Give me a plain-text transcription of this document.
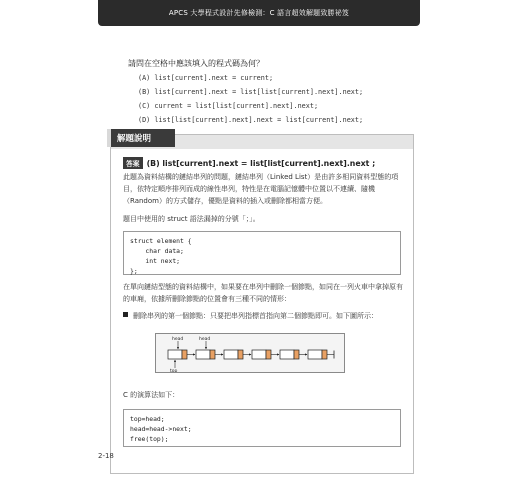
APCS 大學程式設計先修檢測：C 語言超效解題致勝祕笈
請問在空格中應該填入的程式碼為何？
(A) list[current].next = current;
(B) list[current].next = list[list[current].next].next;
(C) current = list[list[current].next].next;
(D) list[list[current].next].next = list[current].next;
解題說明
答案 (B) list[current].next = list[list[current].next].next ;
此題為資料結構的鏈結串列的問題，鏈結串列（Linked List）是由許多相同資料型態的項目，依特定順序排列而成的線性串列，特性是在電腦記憶體中位置以不連續、隨機（Random）的方式儲存，優點是資料的插入或刪除都相當方便。
題目中使用的 struct 語法漏掉的分號「；」。
struct element {
char data;
int next;
};
在單向鏈結型態的資料結構中，如果要在串列中刪除一個節點，如同在一列火車中拿掉原有的車廂，依據所刪除節點的位置會有三種不同的情形：
刪除串列的第一個節點：只要把串列指標首指向第二個節點即可。如下圖所示：
head	head
top
C 的演算法如下：
top=head;
head=head->next;
free(top);
2-18
